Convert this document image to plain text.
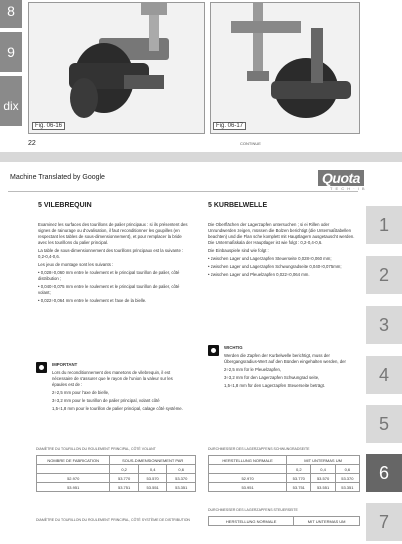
8
9
dix
Fig. 06-16	Fig. 06-17
22	CONTINUE
Machine Translated by Google	Quota
T E C H · I B
5 VILEBREQUIN

Examinez les surfaces des tourillons de palier principaux : si ils présentent des signes de rainurage ou d'ovalisation, il faut reconditionner les goupilles (en respectant les tables de sous-dimensionnement), et pour remplacer la bride avec les tourillons du palier principal.

La table de sous-dimensionnement des tourillons principaux est la suivante : 0,2-0,4-0,6.

Les jeux de montage sont les suivants :

• 0,028÷0,060 mm entre le roulement et le principal tourillon de palier, côté distribution ;

• 0,040÷0,075 mm entre le roulement et le principal tourillon de palier, côté volant;

• 0,022÷0,064 mm entre le roulement et l'axe de la bielle.

IMPORTANT

Lors du reconditionnement des manetons de vilebrequin, il est nécessaire de s'assurer que le rayon de l'union la valeur sur les épaules est de :

2÷2,5 mm pour l'axe de bielle,

3÷3,2 mm pour le tourillon de palier principal, volant côté

1,5÷1,8 mm pour le tourillon de palier principal, calage côté système.

DIAMÈTRE DU TOURILLON DU ROULEMENT PRINCIPAL, CÔTÉ VOLANT
NOMBRE DE FABRICATION	SOUS-DIMENSIONNEMENT PAR		
	0,2	0,4	0,6
52.970	53.770	53.570	53.370
53.951	53.751	53.551	53.351
DIAMÈTRE DU TOURILLON DU ROULEMENT PRINCIPAL, CÔTÉ SYSTÈME DE DISTRIBUTION
5 KURBELWELLE

Die Oberflächen der Lagerzapfen untersuchen ; si ei Rillen oder Unrundwerden zeigen, müssen die Bolzen berichtigt (die Untermaßtabellen beachten) und die Flan sche komplett mit Hauptlagern ausgetauscht werden. Die Untermaßskala der Hauptlager ist wie folgt : 0,2-0,4-0,6.

Die Einbauspiele sind wie folgt :

• zwischen Lager und Lagerzapfen Steuerseite 0,028÷0,060 mm;

• zwischen Lager und Lagerzapfen Schwungradseite 0,040÷0,075mm;

• zwischen Lager und Pleuelzapfen 0,022÷0,064 mm.

WICHTIG

Werden die Zapfen der Kurbelwelle berichtigt, muss der Übergangsradius-Wert auf den Bünden eingehalten werden, der

2÷2,5 mm für le Pleuelzapfen,

3÷3,2 mm für den Lagerzapfen Schwungrad seite,

1,5÷1,8 mm für den Lagerzapfen Steuerseite beträgt.

DURCHMESSER DES LAGERZAPFENS SCHWUNGRADSEITE
HERSTELLUNG NORMALE	MIT UNTERMAS UM		
	0,2	0,4	0,6
52.970	53.770	53.570	53.370
53.951	53.751	53.551	53.351
DURCHMESSER DES LAGERZAPFENS STEUERSEITE
HERSTELLUNG NORMALE	MIT UNTERMAS UM
1
2
3
4
5
6
7
